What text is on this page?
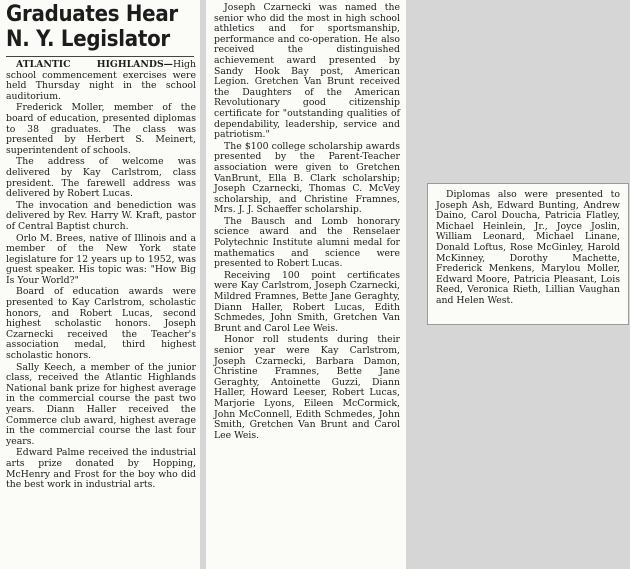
Graduates Hear
N. Y. Legislator
ATLANTIC HIGHLANDS—High school commencement exercises were held Thursday night in the school auditorium.
Frederick Moller, member of the board of education, presented diplomas to 38 graduates. The class was presented by Herbert S. Meinert, superintendent of schools.
The address of welcome was delivered by Kay Carlstrom, class president. The farewell address was delivered by Robert Lucas.
The invocation and benediction was delivered by Rev. Harry W. Kraft, pastor of Central Baptist church.
Orlo M. Brees, native of Illinois and a member of the New York state legislature for 12 years up to 1952, was guest speaker. His topic was: "How Big Is Your World?"
Board of education awards were presented to Kay Carlstrom, scholastic honors, and Robert Lucas, second highest scholastic honors. Joseph Czarnecki received the Teacher's association medal, third highest scholastic honors.
Sally Keech, a member of the junior class, received the Atlantic Highlands National bank prize for highest average in the commercial course the past two years. Diann Haller received the Commerce club award, highest average in the commercial course the last four years.
Edward Palme received the industrial arts prize donated by Hopping, McHenry and Frost for the boy who did the best work in industrial arts.
Joseph Czarnecki was named the senior who did the most in high school athletics and for sportsmanship, performance and co-operation. He also received the distinguished achievement award presented by Sandy Hook Bay post, American Legion. Gretchen Van Brunt received the Daughters of the American Revolutionary good citizenship certificate for "outstanding qualities of dependability, leadership, service and patriotism."
The $100 college scholarship awards presented by the Parent-Teacher association were given to Gretchen VanBrunt, Ella B. Clark scholarship; Joseph Czarnecki, Thomas C. McVey scholarship, and Christine Framnes, Mrs. J. J. Schaeffer scholarship.
The Bausch and Lomb honorary science award and the Renselaer Polytechnic Institute alumni medal for mathematics and science were presented to Robert Lucas.
Receiving 100 point certificates were Kay Carlstrom, Joseph Czarnecki, Mildred Framnes, Bette Jane Geraghty, Diann Haller, Robert Lucas, Edith Schmedes, John Smith, Gretchen Van Brunt and Carol Lee Weis.
Honor roll students during their senior year were Kay Carlstrom, Joseph Czarnecki, Barbara Damon, Christine Framnes, Bette Jane Geraghty, Antoinette Guzzi, Diann Haller, Howard Leeser, Robert Lucas, Marjorie Lyons, Eileen McCormick, John McConnell, Edith Schmedes, John Smith, Gretchen Van Brunt and Carol Lee Weis.
Diplomas also were presented to Joseph Ash, Edward Bunting, Andrew Daino, Carol Doucha, Patricia Flatley, Michael Heinlein, Jr., Joyce Joslin, William Leonard, Michael Linane, Donald Loftus, Rose McGinley, Harold McKinney, Dorothy Machette, Frederick Menkens, Marylou Moller, Edward Moore, Patricia Pleasant, Lois Reed, Veronica Rieth, Lillian Vaughan and Helen West.
